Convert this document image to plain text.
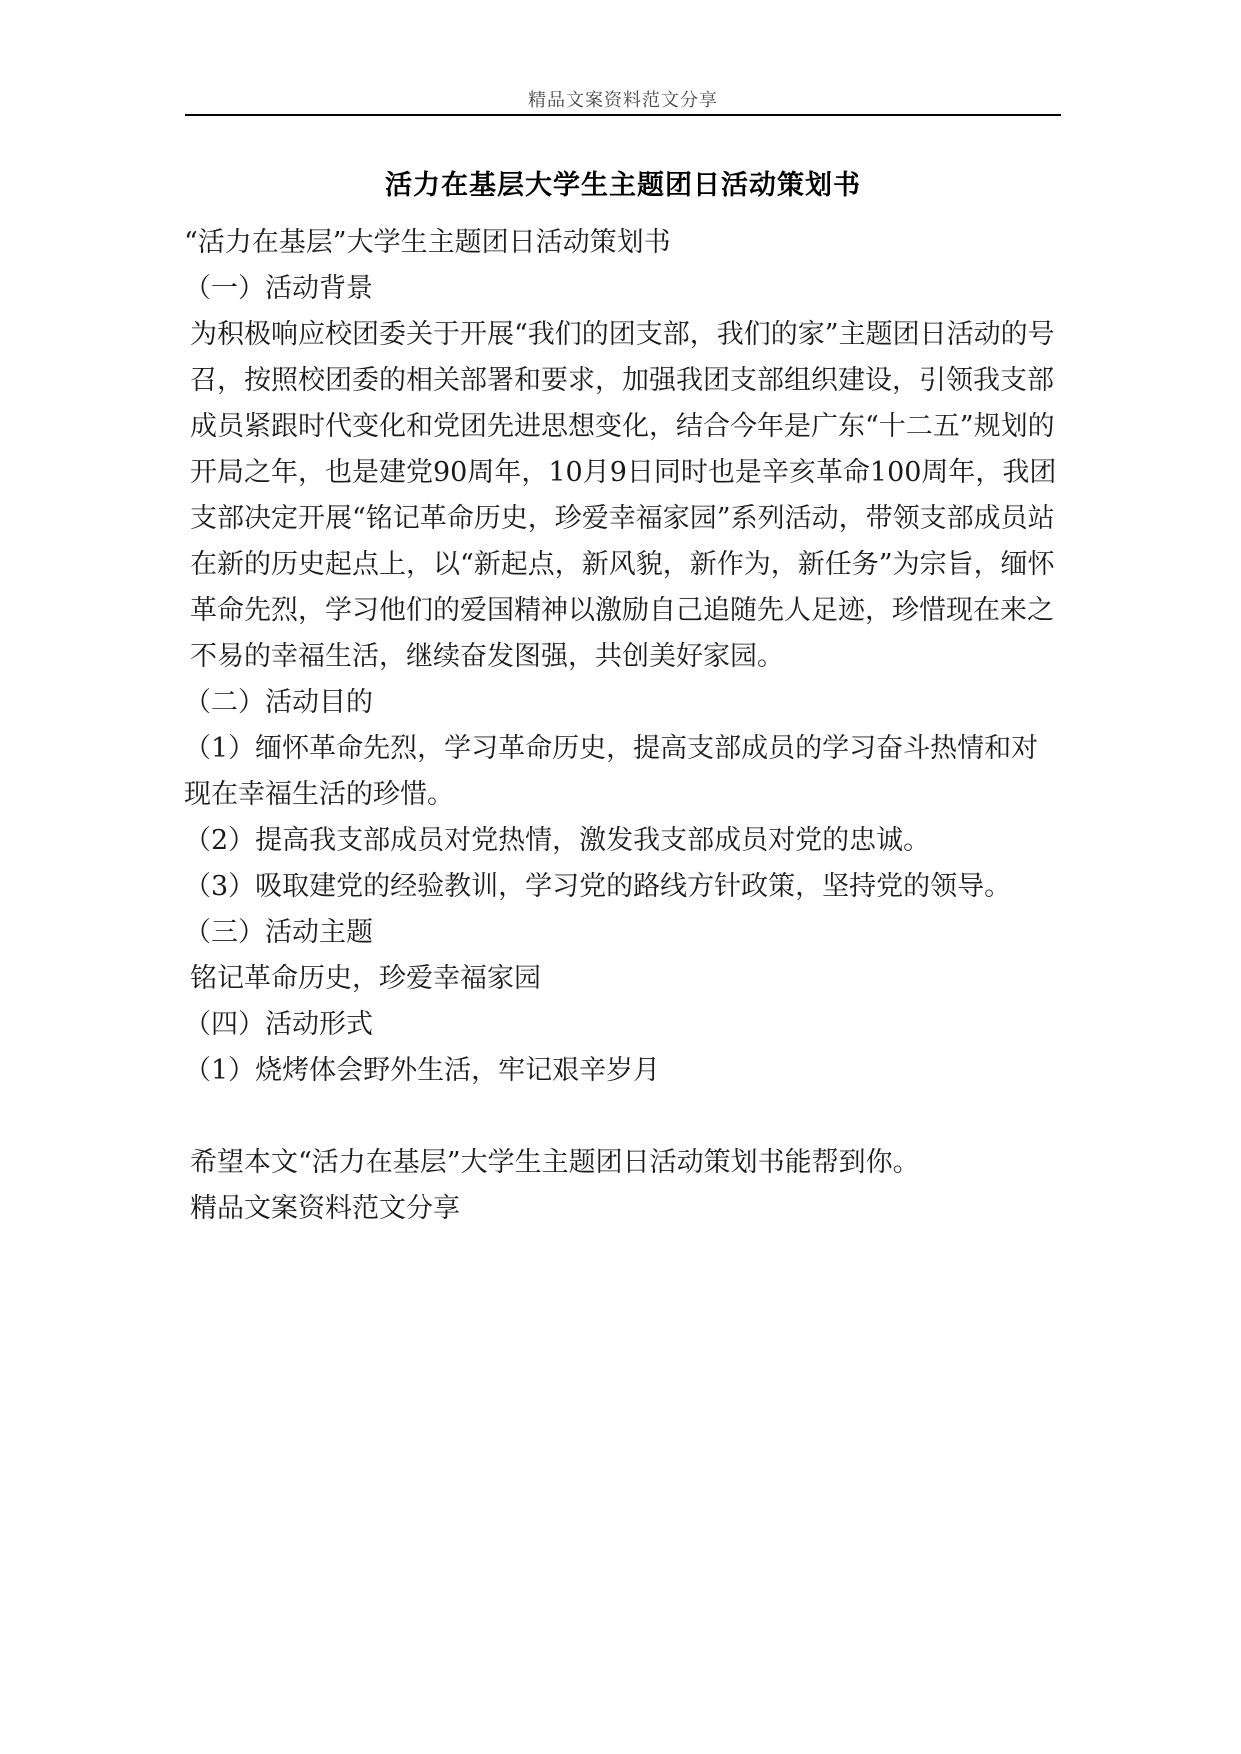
精品文案资料范文分享
活力在基层大学生主题团日活动策划书

“活力在基层”大学生主题团日活动策划书

（一）活动背景

为积极响应校团委关于开展“我们的团支部，我们的家”主题团日活动的号召，按照校团委的相关部署和要求，加强我团支部组织建设，引领我支部成员紧跟时代变化和党团先进思想变化，结合今年是广东“十二五”规划的开局之年，也是建党90周年，10月9日同时也是辛亥革命100周年，我团支部决定开展“铭记革命历史，珍爱幸福家园”系列活动，带领支部成员站在新的历史起点上，以“新起点，新风貌，新作为，新任务”为宗旨，缅怀革命先烈，学习他们的爱国精神以激励自己追随先人足迹，珍惜现在来之不易的幸福生活，继续奋发图强，共创美好家园。

（二）活动目的

（1）缅怀革命先烈，学习革命历史，提高支部成员的学习奋斗热情和对现在幸福生活的珍惜。

（2）提高我支部成员对党热情，激发我支部成员对党的忠诚。

（3）吸取建党的经验教训，学习党的路线方针政策，坚持党的领导。

（三）活动主题

铭记革命历史，珍爱幸福家园

（四）活动形式

（1）烧烤体会野外生活，牢记艰辛岁月

希望本文“活力在基层”大学生主题团日活动策划书能帮到你。

精品文案资料范文分享
